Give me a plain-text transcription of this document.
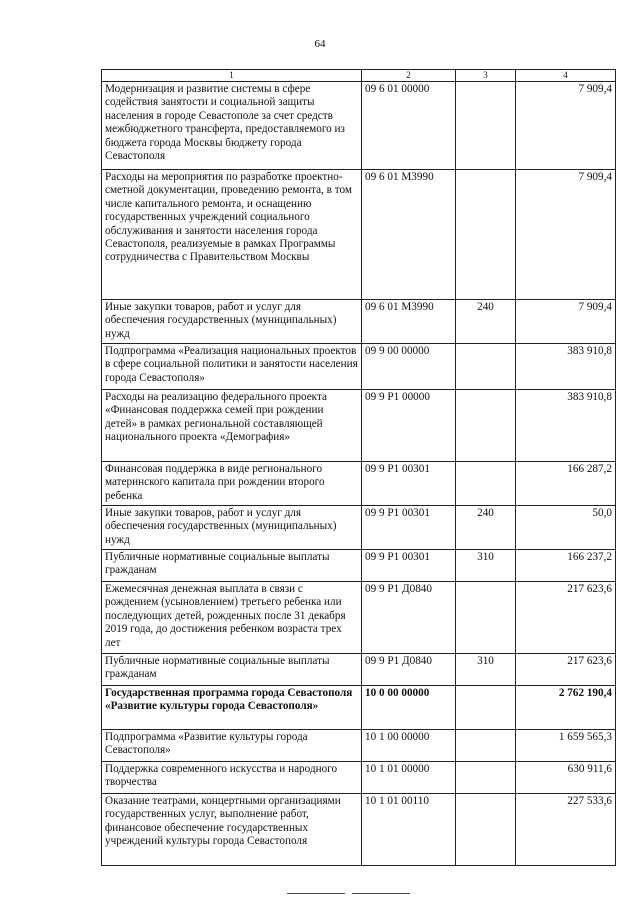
64
1	2	3	4
Модернизация и развитие системы в сфере содействия занятости и социальной защиты населения в городе Севастополе за счет средств межбюджетного трансферта, предоставляемого из бюджета города Москвы бюджету города Севастополя	09 6 01 00000		7 909,4
Расходы на мероприятия по разработке проектно-сметной документации, проведению ремонта, в том числе капитального ремонта, и оснащению государственных учреждений социального обслуживания и занятости населения города Севастополя, реализуемые в рамках Программы сотрудничества с Правительством Москвы	09 6 01 М3990		7 909,4
Иные закупки товаров, работ и услуг для обеспечения государственных (муниципальных) нужд	09 6 01 М3990	240	7 909,4
Подпрограмма «Реализация национальных проектов в сфере социальной политики и занятости населения города Севастополя»	09 9 00 00000		383 910,8
Расходы на реализацию федерального проекта «Финансовая поддержка семей при рождении детей» в рамках региональной составляющей национального проекта «Демография»	09 9 P1 00000		383 910,8
Финансовая поддержка в виде регионального материнского капитала при рождении второго ребенка	09 9 P1 00301		166 287,2
Иные закупки товаров, работ и услуг для обеспечения государственных (муниципальных) нужд	09 9 P1 00301	240	50,0
Публичные нормативные социальные выплаты гражданам	09 9 P1 00301	310	166 237,2
Ежемесячная денежная выплата в связи с рождением (усыновлением) третьего ребенка или последующих детей, рожденных после 31 декабря 2019 года, до достижения ребенком возраста трех лет	09 9 P1 Д0840		217 623,6
Публичные нормативные социальные выплаты гражданам	09 9 P1 Д0840	310	217 623,6
Государственная программа города Севастополя «Развитие культуры города Севастополя»	10 0 00 00000		2 762 190,4
Подпрограмма «Развитие культуры города Севастополя»	10 1 00 00000		1 659 565,3
Поддержка современного искусства и народного творчества	10 1 01 00000		630 911,6
Оказание театрами, концертными организациями государственных услуг, выполнение работ, финансовое обеспечение государственных учреждений культуры города Севастополя	10 1 01 00110		227 533,6
